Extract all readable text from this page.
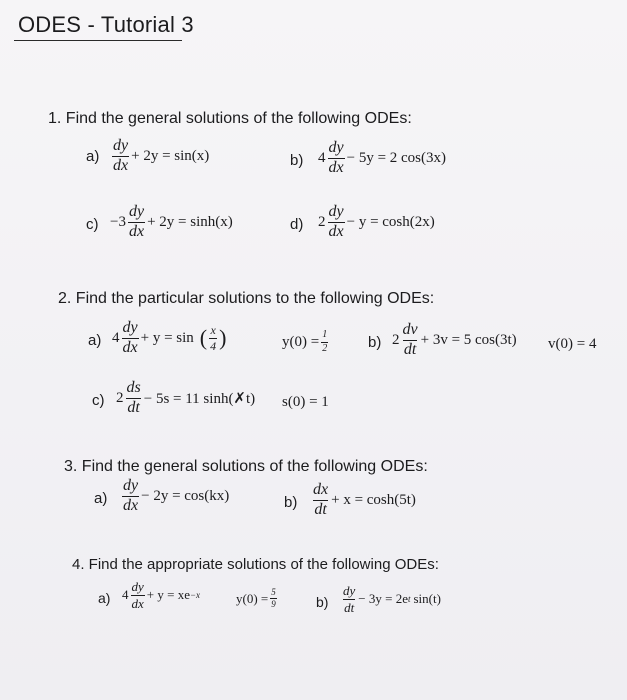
ODES - Tutorial 3
1. Find the general solutions of the following ODEs:
$a) \frac{dy}{dx} + 2y = \sin(x)$	b) $4 \frac{dy}{dx} - 5y = 2$ cos(3x)
$c) -3 \frac{dy}{dx} + 2y = \sinh(x)$	d) $2 \frac{dy}{dx} - y = \cosh(2x)$
2. Find the particular solutions to the following ODEs:
a) $4 \frac{dy}{dx} + y = \sin$ ( $\frac{x}{4}$ )	$y(0) = \frac{1}{2}$	b) $2 \frac{dv}{dt} + 3v = 5$ cos(3t) v(0) = 4
c) $2 \frac{ds}{dt} - 5s = 11$ sinh(✗t) s(0) = 1
3. Find the general solutions of the following ODEs:
$a) \frac{dy}{dx} - 2y = \cos(kx)$	$b) \frac{dx}{dt} + x = \cosh(5t)$
4. Find the appropriate solutions of the following ODEs:
a) $4 \frac{dy}{dx} + y$ = xe −x	$y(0) = \frac{5}{9}$	$b) \frac{dy}{dt} - 3y = 2e$ t sin(t)
